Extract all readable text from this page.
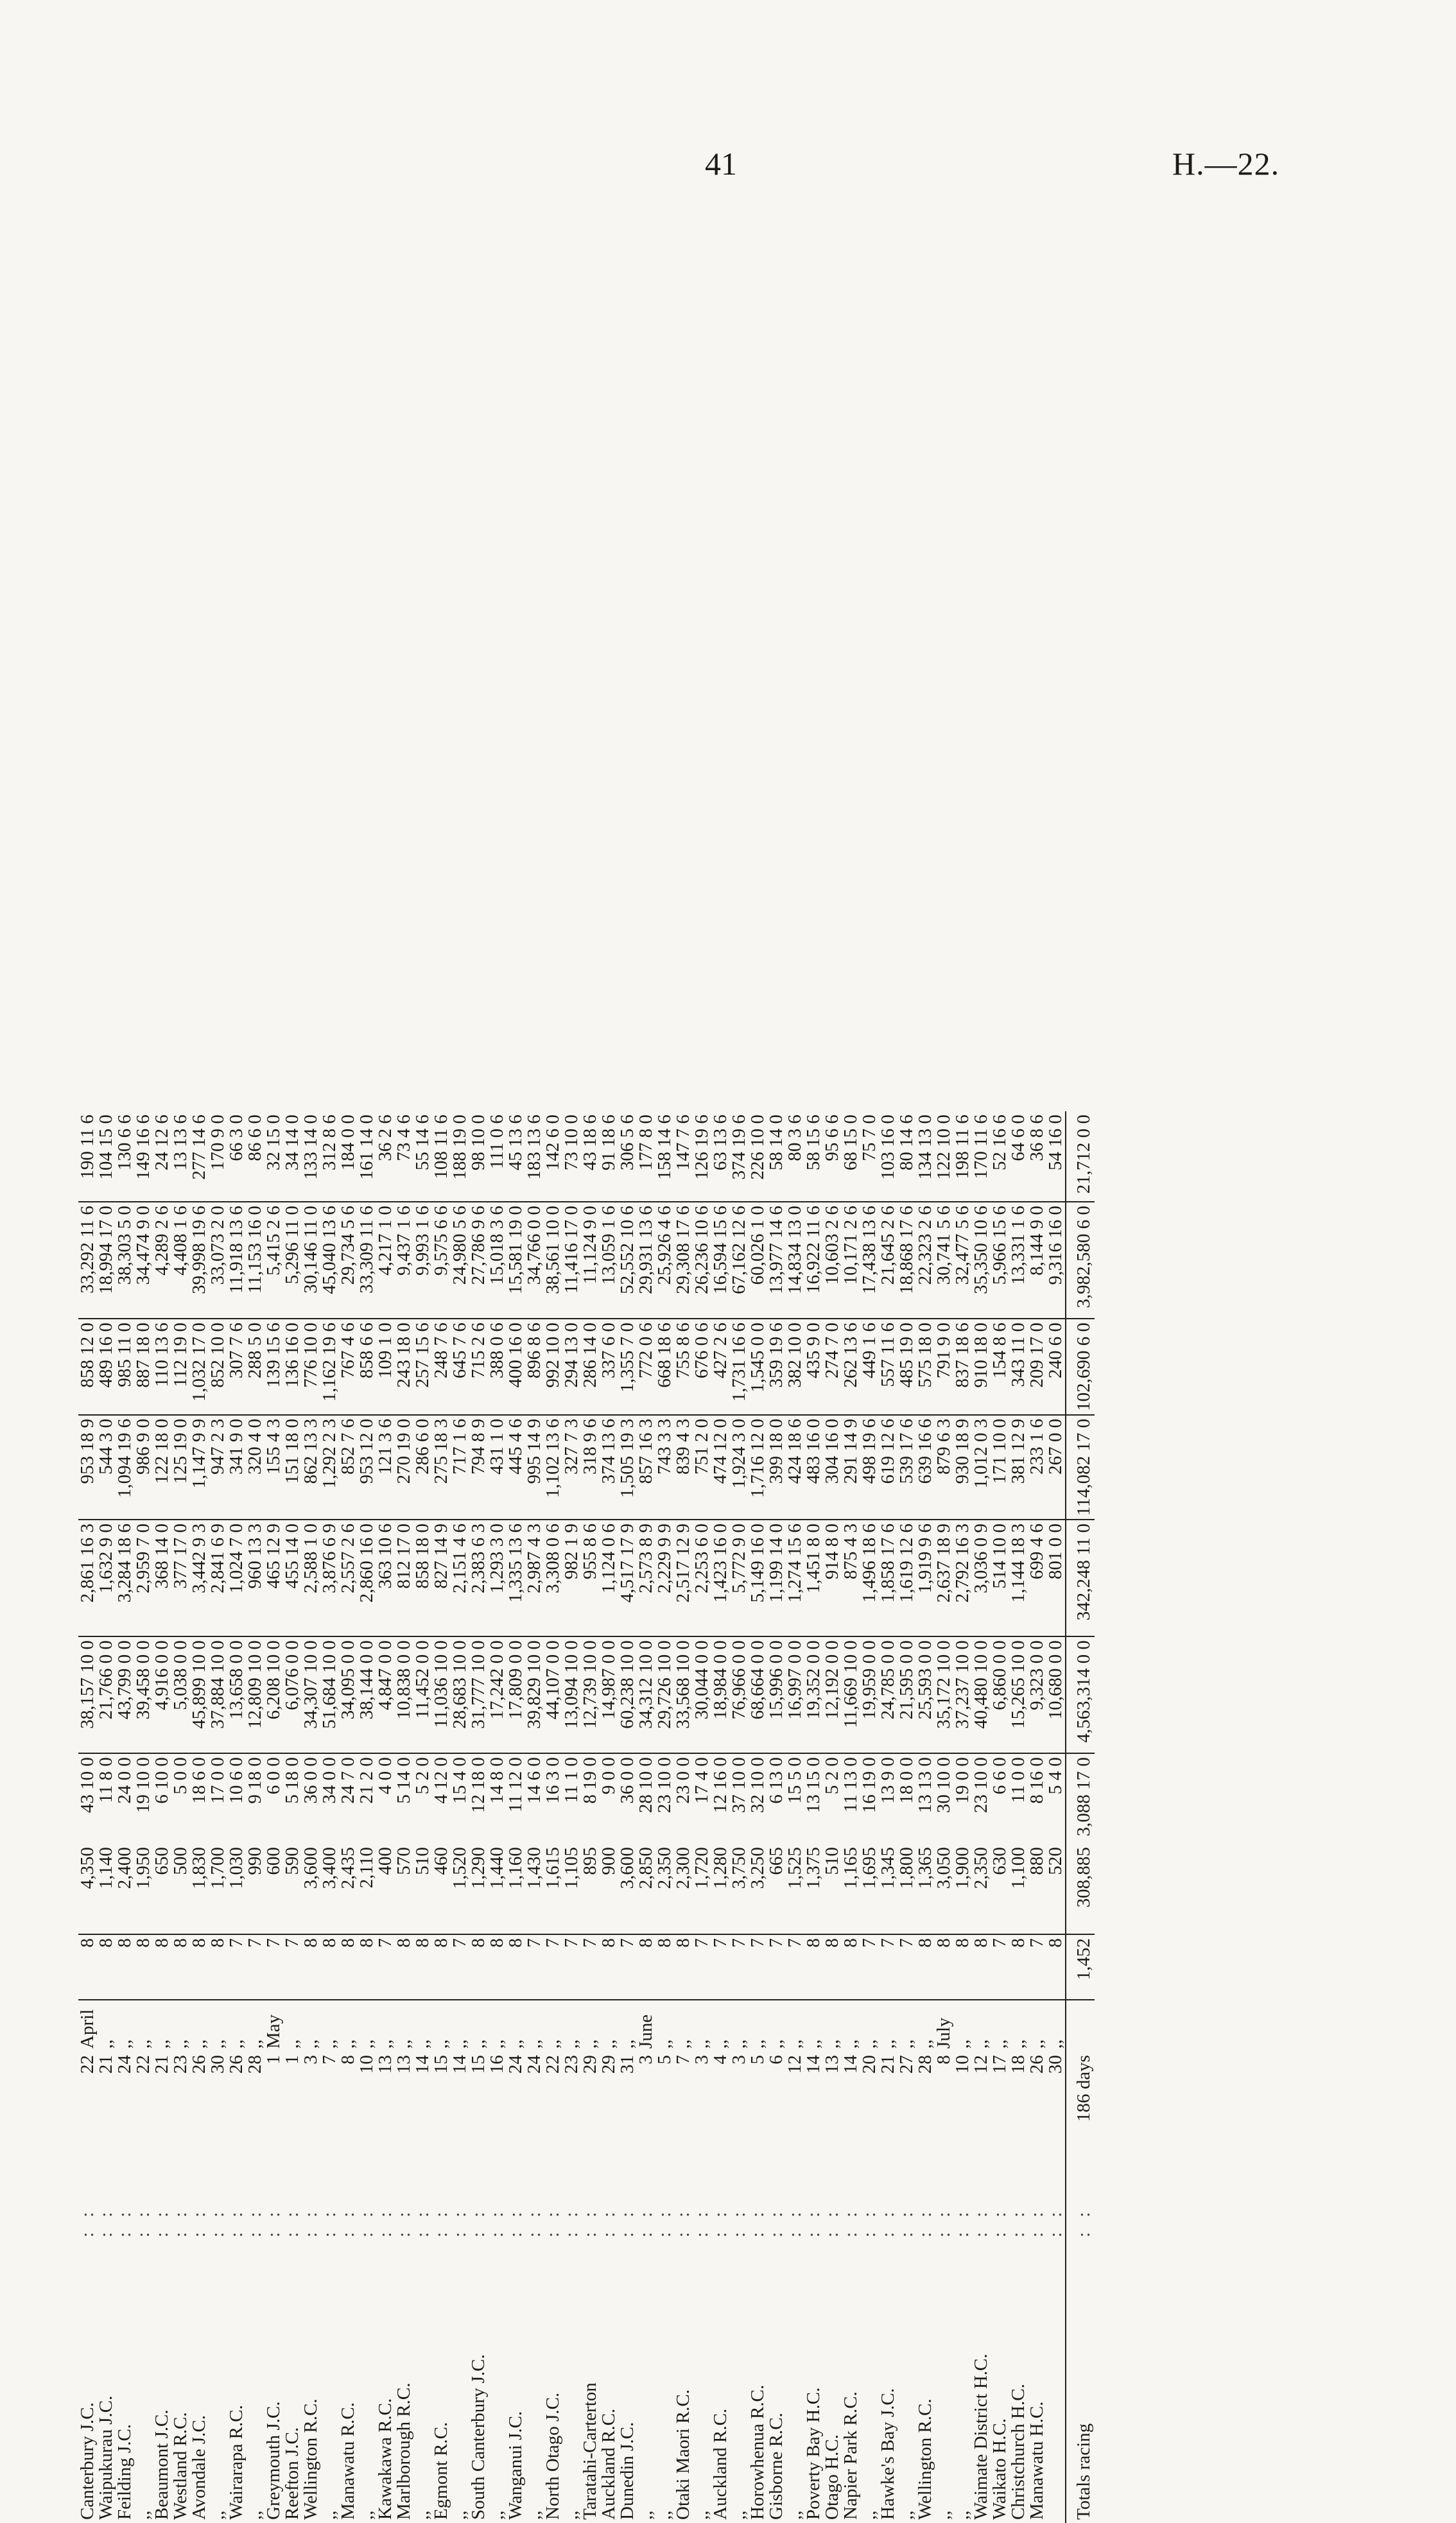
41	H.—22.
Canterbury J.C.	: :	22	April	8	4,350	43 10 0	38,157 10 0	2,861 16 3	953 18 9	858 12 0	33,292 11 6	190 11 6
Waipukurau J.C.	: :	21	,,	8	1,140	11 8 0	21,766 0 0	1,632 9 0	544 3 0	489 16 0	18,994 17 0	104 15 0
Feilding J.C.	: :	24	,,	8	2,400	24 0 0	43,799 0 0	3,284 18 6	1,094 19 6	985 11 0	38,303 5 0	130 6 6
,,	: :	22	,,	8	1,950	19 10 0	39,458 0 0	2,959 7 0	986 9 0	887 18 0	34,474 9 0	149 16 6
Beaumont J.C.	: :	21	,,	8	650	6 10 0	4,916 0 0	368 14 0	122 18 0	110 13 6	4,289 2 6	24 12 6
Westland R.C.	: :	23	,,	8	500	5 0 0	5,038 0 0	377 17 0	125 19 0	112 19 0	4,408 1 6	13 13 6
Avondale J.C.	: :	26	,,	8	1,830	18 6 0	45,899 10 0	3,442 9 3	1,147 9 9	1,032 17 0	39,998 19 6	277 14 6
,,	: :	30	,,	8	1,700	17 0 0	37,884 10 0	2,841 6 9	947 2 3	852 10 0	33,073 2 0	170 9 0
Wairarapa R.C.	: :	26	,,	7	1,030	10 6 0	13,658 0 0	1,024 7 0	341 9 0	307 7 6	11,918 13 6	66 3 0
,,	: :	28	,,	7	990	9 18 0	12,809 10 0	960 13 3	320 4 0	288 5 0	11,153 16 0	86 6 0
Greymouth J.C.	: :	1	May	7	600	6 0 0	6,208 10 0	465 12 9	155 4 3	139 15 6	5,415 2 6	32 15 0
Reefton J.C.	: :	1	,,	7	590	5 18 0	6,076 0 0	455 14 0	151 18 0	136 16 0	5,296 11 0	34 14 0
Wellington R.C.	: :	3	,,	8	3,600	36 0 0	34,307 10 0	2,588 1 0	862 13 3	776 10 0	30,146 11 0	133 14 0
,,	: :	7	,,	8	3,400	34 0 0	51,684 10 0	3,876 6 9	1,292 2 3	1,162 19 6	45,040 13 6	312 8 6
Manawatu R.C.	: :	8	,,	8	2,435	24 7 0	34,095 0 0	2,557 2 6	852 7 6	767 4 6	29,734 5 6	184 0 0
,,	: :	10	,,	8	2,110	21 2 0	38,144 0 0	2,860 16 0	953 12 0	858 6 6	33,309 11 6	161 14 0
Kawakawa R.C.	: :	13	,,	7	400	4 0 0	4,847 0 0	363 10 6	121 3 6	109 1 0	4,217 1 0	36 2 6
Marlborough R.C.	: :	13	,,	8	570	5 14 0	10,838 0 0	812 17 0	270 19 0	243 18 0	9,437 1 6	73 4 6
,,	: :	14	,,	8	510	5 2 0	11,452 0 0	858 18 0	286 6 0	257 15 6	9,993 1 6	55 14 6
Egmont R.C.	: :	15	,,	8	460	4 12 0	11,036 10 0	827 14 9	275 18 3	248 7 6	9,575 6 6	108 11 6
,,	: :	14	,,	7	1,520	15 4 0	28,683 10 0	2,151 4 6	717 1 6	645 7 6	24,980 5 6	188 19 0
South Canterbury J.C.	: :	15	,,	8	1,290	12 18 0	31,777 10 0	2,383 6 3	794 8 9	715 2 6	27,786 9 6	98 10 0
,,	: :	16	,,	8	1,440	14 8 0	17,242 0 0	1,293 3 0	431 1 0	388 0 6	15,018 3 6	111 0 6
Wanganui J.C.	: :	24	,,	8	1,160	11 12 0	17,809 0 0	1,335 13 6	445 4 6	400 16 0	15,581 19 0	45 13 6
,,	: :	24	,,	7	1,430	14 6 0	39,829 10 0	2,987 4 3	995 14 9	896 8 6	34,766 0 0	183 13 6
North Otago J.C.	: :	22	,,	7	1,615	16 3 0	44,107 0 0	3,308 0 6	1,102 13 6	992 10 0	38,561 10 0	142 6 0
,,	: :	23	,,	7	1,105	11 1 0	13,094 10 0	982 1 9	327 7 3	294 13 0	11,416 17 0	73 10 0
Taratahi-Carterton	: :	29	,,	7	895	8 19 0	12,739 10 0	955 8 6	318 9 6	286 14 0	11,124 9 0	43 18 6
Auckland R.C.	: :	29	,,	8	900	9 0 0	14,987 0 0	1,124 0 6	374 13 6	337 6 0	13,059 1 6	91 18 6
Dunedin J.C.	: :	31	,,	7	3,600	36 0 0	60,238 10 0	4,517 17 9	1,505 19 3	1,355 7 0	52,552 10 6	306 5 6
,,	: :	3	June	8	2,850	28 10 0	34,312 10 0	2,573 8 9	857 16 3	772 0 6	29,931 13 6	177 8 0
,,	: :	5	,,	8	2,350	23 10 0	29,726 10 0	2,229 9 9	743 3 3	668 18 6	25,926 4 6	158 14 6
Otaki Maori R.C.	: :	7	,,	8	2,300	23 0 0	33,568 10 0	2,517 12 9	839 4 3	755 8 6	29,308 17 6	147 7 6
,,	: :	3	,,	7	1,720	17 4 0	30,044 0 0	2,253 6 0	751 2 0	676 0 6	26,236 10 6	126 19 6
Auckland R.C.	: :	4	,,	7	1,280	12 16 0	18,984 0 0	1,423 16 0	474 12 0	427 2 6	16,594 15 6	63 13 6
,,	: :	3	,,	7	3,750	37 10 0	76,966 0 0	5,772 9 0	1,924 3 0	1,731 16 6	67,162 12 6	374 19 6
Horowhenua R.C.	: :	5	,,	7	3,250	32 10 0	68,664 0 0	5,149 16 0	1,716 12 0	1,545 0 0	60,026 1 0	226 10 0
Gisborne R.C.	: :	6	,,	7	665	6 13 0	15,996 0 0	1,199 14 0	399 18 0	359 19 6	13,977 14 6	58 14 0
,,	: :	12	,,	7	1,525	15 5 0	16,997 0 0	1,274 15 6	424 18 6	382 10 0	14,834 13 0	80 3 6
Poverty Bay H.C.	: :	14	,,	8	1,375	13 15 0	19,352 0 0	1,451 8 0	483 16 0	435 9 0	16,922 11 6	58 15 6
Otago H.C.	: :	13	,,	8	510	5 2 0	12,192 0 0	914 8 0	304 16 0	274 7 0	10,603 2 6	95 6 6
Napier Park R.C.	: :	14	,,	8	1,165	11 13 0	11,669 10 0	875 4 3	291 14 9	262 13 6	10,171 2 6	68 15 0
,,	: :	20	,,	7	1,695	16 19 0	19,959 0 0	1,496 18 6	498 19 6	449 1 6	17,438 13 6	75 7 0
Hawke's Bay J.C.	: :	21	,,	7	1,345	13 9 0	24,785 0 0	1,858 17 6	619 12 6	557 11 6	21,645 2 6	103 16 0
,,	: :	27	,,	7	1,800	18 0 0	21,595 0 0	1,619 12 6	539 17 6	485 19 0	18,868 17 6	80 14 6
Wellington R.C.	: :	28	,,	8	1,365	13 13 0	25,593 0 0	1,919 9 6	639 16 6	575 18 0	22,323 2 6	134 13 0
,,	: :	8	July	8	3,050	30 10 0	35,172 10 0	2,637 18 9	879 6 3	791 9 0	30,741 5 6	122 10 0
,,	: :	10	,,	8	1,900	19 0 0	37,237 10 0	2,792 16 3	930 18 9	837 18 6	32,477 5 6	198 11 6
Waimate District H.C.	: :	12	,,	8	2,350	23 10 0	40,480 10 0	3,036 0 9	1,012 0 3	910 18 0	35,350 10 6	170 11 6
Waikato H.C.	: :	17	,,	7	630	6 6 0	6,860 0 0	514 10 0	171 10 0	154 8 6	5,966 15 6	52 16 6
Christchurch H.C.	: :	18	,,	8	1,100	11 0 0	15,265 10 0	1,144 18 3	381 12 9	343 11 0	13,331 1 6	64 6 0
Manawatu H.C.	: :	26	,,	7	880	8 16 0	9,323 0 0	699 4 6	233 1 6	209 17 0	8,144 9 0	36 8 6
	: :	30	,,	8	520	5 4 0	10,680 0 0	801 0 0	267 0 0	240 6 0	9,316 16 0	54 16 0
Totals racing	: :	186 days		1,452	308,885	3,088 17 0	4,563,314 0 0	342,248 11 0	114,082 17 0	102,690 6 0	3,982,580 6 0	21,712 0 0
